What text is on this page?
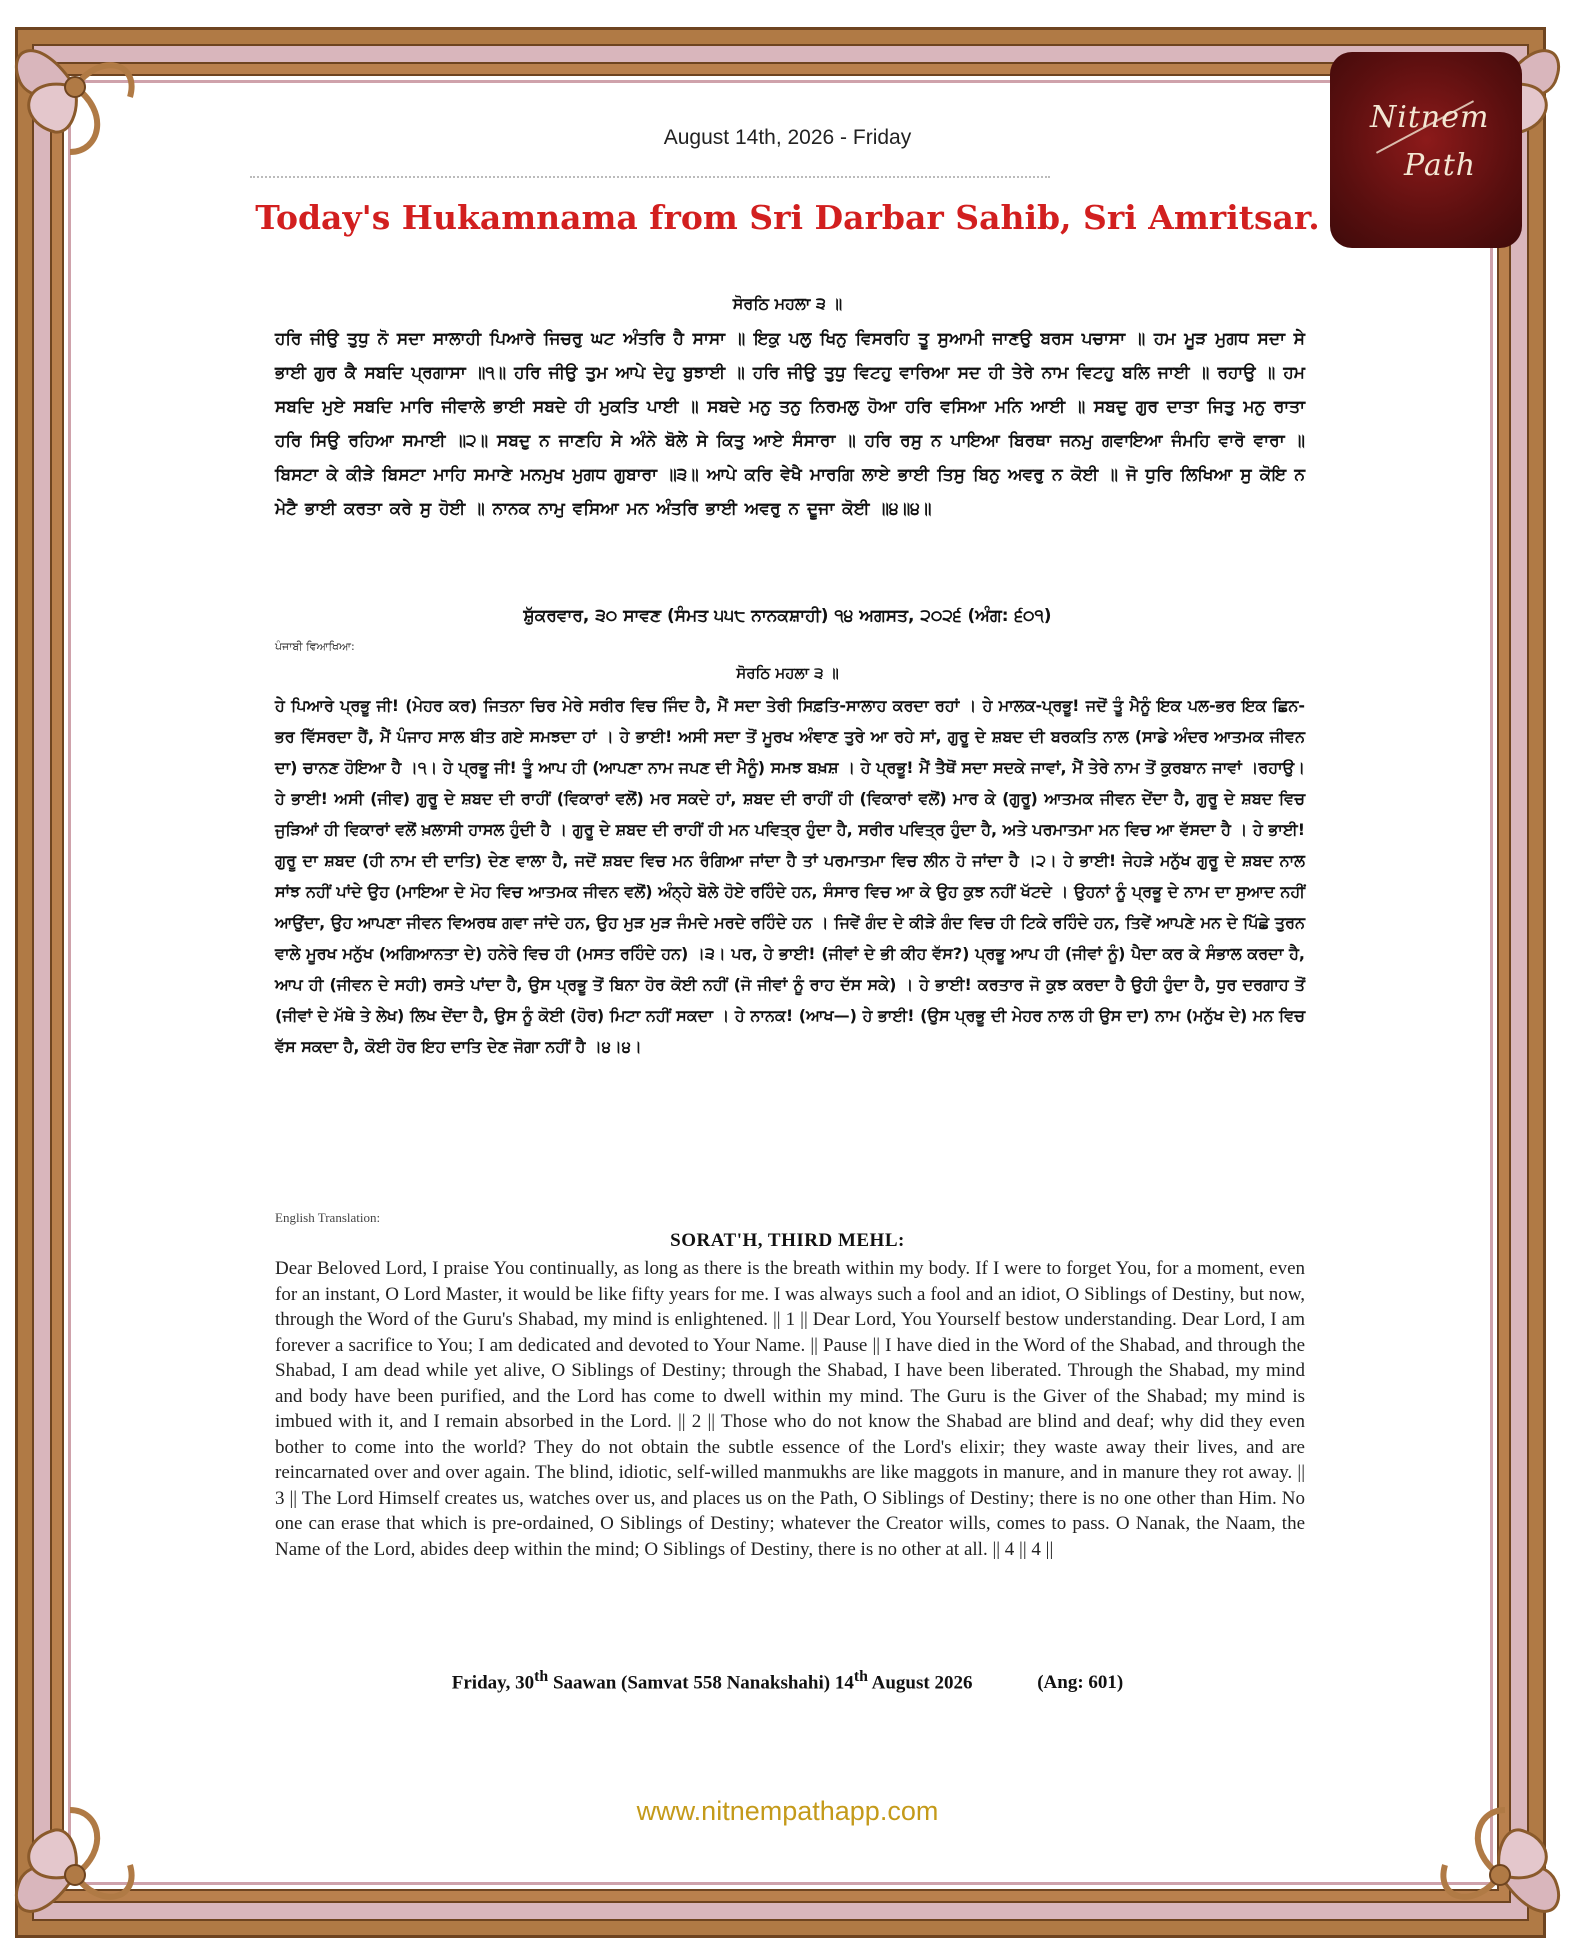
Nitnem
Path
August 14th, 2026 - Friday
Today's Hukamnama from Sri Darbar Sahib, Sri Amritsar.
ਸੋਰਠਿ ਮਹਲਾ ੩ ॥
ਹਰਿ ਜੀਉ ਤੁਧੁ ਨੋ ਸਦਾ ਸਾਲਾਹੀ ਪਿਆਰੇ ਜਿਚਰੁ ਘਟ ਅੰਤਰਿ ਹੈ ਸਾਸਾ ॥ ਇਕੁ ਪਲੁ ਖਿਨੁ ਵਿਸਰਹਿ ਤੂ ਸੁਆਮੀ ਜਾਣਉ ਬਰਸ ਪਚਾਸਾ ॥ ਹਮ ਮੂੜ ਮੁਗਧ ਸਦਾ ਸੇ ਭਾਈ ਗੁਰ ਕੈ ਸਬਦਿ ਪ੍ਰਗਾਸਾ ॥੧॥ ਹਰਿ ਜੀਉ ਤੁਮ ਆਪੇ ਦੇਹੁ ਬੁਝਾਈ ॥ ਹਰਿ ਜੀਉ ਤੁਧੁ ਵਿਟਹੁ ਵਾਰਿਆ ਸਦ ਹੀ ਤੇਰੇ ਨਾਮ ਵਿਟਹੁ ਬਲਿ ਜਾਈ ॥ ਰਹਾਉ ॥ ਹਮ ਸਬਦਿ ਮੁਏ ਸਬਦਿ ਮਾਰਿ ਜੀਵਾਲੇ ਭਾਈ ਸਬਦੇ ਹੀ ਮੁਕਤਿ ਪਾਈ ॥ ਸਬਦੇ ਮਨੁ ਤਨੁ ਨਿਰਮਲੁ ਹੋਆ ਹਰਿ ਵਸਿਆ ਮਨਿ ਆਈ ॥ ਸਬਦੁ ਗੁਰ ਦਾਤਾ ਜਿਤੁ ਮਨੁ ਰਾਤਾ ਹਰਿ ਸਿਉ ਰਹਿਆ ਸਮਾਈ ॥੨॥ ਸਬਦੁ ਨ ਜਾਣਹਿ ਸੇ ਅੰਨੇ ਬੋਲੇ ਸੇ ਕਿਤੁ ਆਏ ਸੰਸਾਰਾ ॥ ਹਰਿ ਰਸੁ ਨ ਪਾਇਆ ਬਿਰਥਾ ਜਨਮੁ ਗਵਾਇਆ ਜੰਮਹਿ ਵਾਰੋ ਵਾਰਾ ॥ ਬਿਸਟਾ ਕੇ ਕੀੜੇ ਬਿਸਟਾ ਮਾਹਿ ਸਮਾਣੇ ਮਨਮੁਖ ਮੁਗਧ ਗੁਬਾਰਾ ॥੩॥ ਆਪੇ ਕਰਿ ਵੇਖੈ ਮਾਰਗਿ ਲਾਏ ਭਾਈ ਤਿਸੁ ਬਿਨੁ ਅਵਰੁ ਨ ਕੋਈ ॥ ਜੋ ਧੁਰਿ ਲਿਖਿਆ ਸੁ ਕੋਇ ਨ ਮੇਟੈ ਭਾਈ ਕਰਤਾ ਕਰੇ ਸੁ ਹੋਈ ॥ ਨਾਨਕ ਨਾਮੁ ਵਸਿਆ ਮਨ ਅੰਤਰਿ ਭਾਈ ਅਵਰੁ ਨ ਦੂਜਾ ਕੋਈ ॥੪॥੪॥
ਸ਼ੁੱਕਰਵਾਰ, ੩੦ ਸਾਵਣ (ਸੰਮਤ ੫੫੮ ਨਾਨਕਸ਼ਾਹੀ) ੧੪ ਅਗਸਤ, ੨੦੨੬ (ਅੰਗ: ੬੦੧)
ਪੰਜਾਬੀ ਵਿਆਖਿਆ:
ਸੋਰਠਿ ਮਹਲਾ ੩ ॥
ਹੇ ਪਿਆਰੇ ਪ੍ਰਭੂ ਜੀ! (ਮੇਹਰ ਕਰ) ਜਿਤਨਾ ਚਿਰ ਮੇਰੇ ਸਰੀਰ ਵਿਚ ਜਿੰਦ ਹੈ, ਮੈਂ ਸਦਾ ਤੇਰੀ ਸਿਫ਼ਤਿ-ਸਾਲਾਹ ਕਰਦਾ ਰਹਾਂ । ਹੇ ਮਾਲਕ-ਪ੍ਰਭੂ! ਜਦੋਂ ਤੂੰ ਮੈਨੂੰ ਇਕ ਪਲ-ਭਰ ਇਕ ਛਿਨ-ਭਰ ਵਿੱਸਰਦਾ ਹੈਂ, ਮੈਂ ਪੰਜਾਹ ਸਾਲ ਬੀਤ ਗਏ ਸਮਝਦਾ ਹਾਂ । ਹੇ ਭਾਈ! ਅਸੀ ਸਦਾ ਤੋਂ ਮੂਰਖ ਅੰਞਾਣ ਤੁਰੇ ਆ ਰਹੇ ਸਾਂ, ਗੁਰੂ ਦੇ ਸ਼ਬਦ ਦੀ ਬਰਕਤਿ ਨਾਲ (ਸਾਡੇ ਅੰਦਰ ਆਤਮਕ ਜੀਵਨ ਦਾ) ਚਾਨਣ ਹੋਇਆ ਹੈ ।੧। ਹੇ ਪ੍ਰਭੂ ਜੀ! ਤੂੰ ਆਪ ਹੀ (ਆਪਣਾ ਨਾਮ ਜਪਣ ਦੀ ਮੈਨੂੰ) ਸਮਝ ਬਖ਼ਸ਼ । ਹੇ ਪ੍ਰਭੂ! ਮੈਂ ਤੈਥੋਂ ਸਦਾ ਸਦਕੇ ਜਾਵਾਂ, ਮੈਂ ਤੇਰੇ ਨਾਮ ਤੋਂ ਕੁਰਬਾਨ ਜਾਵਾਂ ।ਰਹਾਉ। ਹੇ ਭਾਈ! ਅਸੀ (ਜੀਵ) ਗੁਰੂ ਦੇ ਸ਼ਬਦ ਦੀ ਰਾਹੀਂ (ਵਿਕਾਰਾਂ ਵਲੋਂ) ਮਰ ਸਕਦੇ ਹਾਂ, ਸ਼ਬਦ ਦੀ ਰਾਹੀਂ ਹੀ (ਵਿਕਾਰਾਂ ਵਲੋਂ) ਮਾਰ ਕੇ (ਗੁਰੂ) ਆਤਮਕ ਜੀਵਨ ਦੇਂਦਾ ਹੈ, ਗੁਰੂ ਦੇ ਸ਼ਬਦ ਵਿਚ ਜੁੜਿਆਂ ਹੀ ਵਿਕਾਰਾਂ ਵਲੋਂ ਖ਼ਲਾਸੀ ਹਾਸਲ ਹੁੰਦੀ ਹੈ । ਗੁਰੂ ਦੇ ਸ਼ਬਦ ਦੀ ਰਾਹੀਂ ਹੀ ਮਨ ਪਵਿਤ੍ਰ ਹੁੰਦਾ ਹੈ, ਸਰੀਰ ਪਵਿਤ੍ਰ ਹੁੰਦਾ ਹੈ, ਅਤੇ ਪਰਮਾਤਮਾ ਮਨ ਵਿਚ ਆ ਵੱਸਦਾ ਹੈ । ਹੇ ਭਾਈ! ਗੁਰੂ ਦਾ ਸ਼ਬਦ (ਹੀ ਨਾਮ ਦੀ ਦਾਤਿ) ਦੇਣ ਵਾਲਾ ਹੈ, ਜਦੋਂ ਸ਼ਬਦ ਵਿਚ ਮਨ ਰੰਗਿਆ ਜਾਂਦਾ ਹੈ ਤਾਂ ਪਰਮਾਤਮਾ ਵਿਚ ਲੀਨ ਹੋ ਜਾਂਦਾ ਹੈ ।੨। ਹੇ ਭਾਈ! ਜੇਹੜੇ ਮਨੁੱਖ ਗੁਰੂ ਦੇ ਸ਼ਬਦ ਨਾਲ ਸਾਂਝ ਨਹੀਂ ਪਾਂਦੇ ਉਹ (ਮਾਇਆ ਦੇ ਮੋਹ ਵਿਚ ਆਤਮਕ ਜੀਵਨ ਵਲੋਂ) ਅੰਨ੍ਹੇ ਬੋਲੇ ਹੋਏ ਰਹਿੰਦੇ ਹਨ, ਸੰਸਾਰ ਵਿਚ ਆ ਕੇ ਉਹ ਕੁਝ ਨਹੀਂ ਖੱਟਦੇ । ਉਹਨਾਂ ਨੂੰ ਪ੍ਰਭੂ ਦੇ ਨਾਮ ਦਾ ਸੁਆਦ ਨਹੀਂ ਆਉਂਦਾ, ਉਹ ਆਪਣਾ ਜੀਵਨ ਵਿਅਰਥ ਗਵਾ ਜਾਂਦੇ ਹਨ, ਉਹ ਮੁੜ ਮੁੜ ਜੰਮਦੇ ਮਰਦੇ ਰਹਿੰਦੇ ਹਨ । ਜਿਵੇਂ ਗੰਦ ਦੇ ਕੀੜੇ ਗੰਦ ਵਿਚ ਹੀ ਟਿਕੇ ਰਹਿੰਦੇ ਹਨ, ਤਿਵੇਂ ਆਪਣੇ ਮਨ ਦੇ ਪਿੱਛੇ ਤੁਰਨ ਵਾਲੇ ਮੂਰਖ ਮਨੁੱਖ (ਅਗਿਆਨਤਾ ਦੇ) ਹਨੇਰੇ ਵਿਚ ਹੀ (ਮਸਤ ਰਹਿੰਦੇ ਹਨ) ।੩। ਪਰ, ਹੇ ਭਾਈ! (ਜੀਵਾਂ ਦੇ ਭੀ ਕੀਹ ਵੱਸ?) ਪ੍ਰਭੂ ਆਪ ਹੀ (ਜੀਵਾਂ ਨੂੰ) ਪੈਦਾ ਕਰ ਕੇ ਸੰਭਾਲ ਕਰਦਾ ਹੈ, ਆਪ ਹੀ (ਜੀਵਨ ਦੇ ਸਹੀ) ਰਸਤੇ ਪਾਂਦਾ ਹੈ, ਉਸ ਪ੍ਰਭੂ ਤੋਂ ਬਿਨਾ ਹੋਰ ਕੋਈ ਨਹੀਂ (ਜੋ ਜੀਵਾਂ ਨੂੰ ਰਾਹ ਦੱਸ ਸਕੇ) । ਹੇ ਭਾਈ! ਕਰਤਾਰ ਜੋ ਕੁਝ ਕਰਦਾ ਹੈ ਉਹੀ ਹੁੰਦਾ ਹੈ, ਧੁਰ ਦਰਗਾਹ ਤੋਂ (ਜੀਵਾਂ ਦੇ ਮੱਥੇ ਤੇ ਲੇਖ) ਲਿਖ ਦੇਂਦਾ ਹੈ, ਉਸ ਨੂੰ ਕੋਈ (ਹੋਰ) ਮਿਟਾ ਨਹੀਂ ਸਕਦਾ । ਹੇ ਨਾਨਕ! (ਆਖ—) ਹੇ ਭਾਈ! (ਉਸ ਪ੍ਰਭੂ ਦੀ ਮੇਹਰ ਨਾਲ ਹੀ ਉਸ ਦਾ) ਨਾਮ (ਮਨੁੱਖ ਦੇ) ਮਨ ਵਿਚ ਵੱਸ ਸਕਦਾ ਹੈ, ਕੋਈ ਹੋਰ ਇਹ ਦਾਤਿ ਦੇਣ ਜੋਗਾ ਨਹੀਂ ਹੈ ।੪।੪।
English Translation:
SORAT'H, THIRD MEHL:
Dear Beloved Lord, I praise You continually, as long as there is the breath within my body. If I were to forget You, for a moment, even for an instant, O Lord Master, it would be like fifty years for me. I was always such a fool and an idiot, O Siblings of Destiny, but now, through the Word of the Guru's Shabad, my mind is enlightened. || 1 || Dear Lord, You Yourself bestow understanding. Dear Lord, I am forever a sacrifice to You; I am dedicated and devoted to Your Name. || Pause || I have died in the Word of the Shabad, and through the Shabad, I am dead while yet alive, O Siblings of Destiny; through the Shabad, I have been liberated. Through the Shabad, my mind and body have been purified, and the Lord has come to dwell within my mind. The Guru is the Giver of the Shabad; my mind is imbued with it, and I remain absorbed in the Lord. || 2 || Those who do not know the Shabad are blind and deaf; why did they even bother to come into the world? They do not obtain the subtle essence of the Lord's elixir; they waste away their lives, and are reincarnated over and over again. The blind, idiotic, self-willed manmukhs are like maggots in manure, and in manure they rot away. || 3 || The Lord Himself creates us, watches over us, and places us on the Path, O Siblings of Destiny; there is no one other than Him. No one can erase that which is pre-ordained, O Siblings of Destiny; whatever the Creator wills, comes to pass. O Nanak, the Naam, the Name of the Lord, abides deep within the mind; O Siblings of Destiny, there is no other at all. || 4 || 4 ||
Friday, 30th Saawan (Samvat 558 Nanakshahi) 14th August 2026	(Ang: 601)
www.nitnempathapp.com
